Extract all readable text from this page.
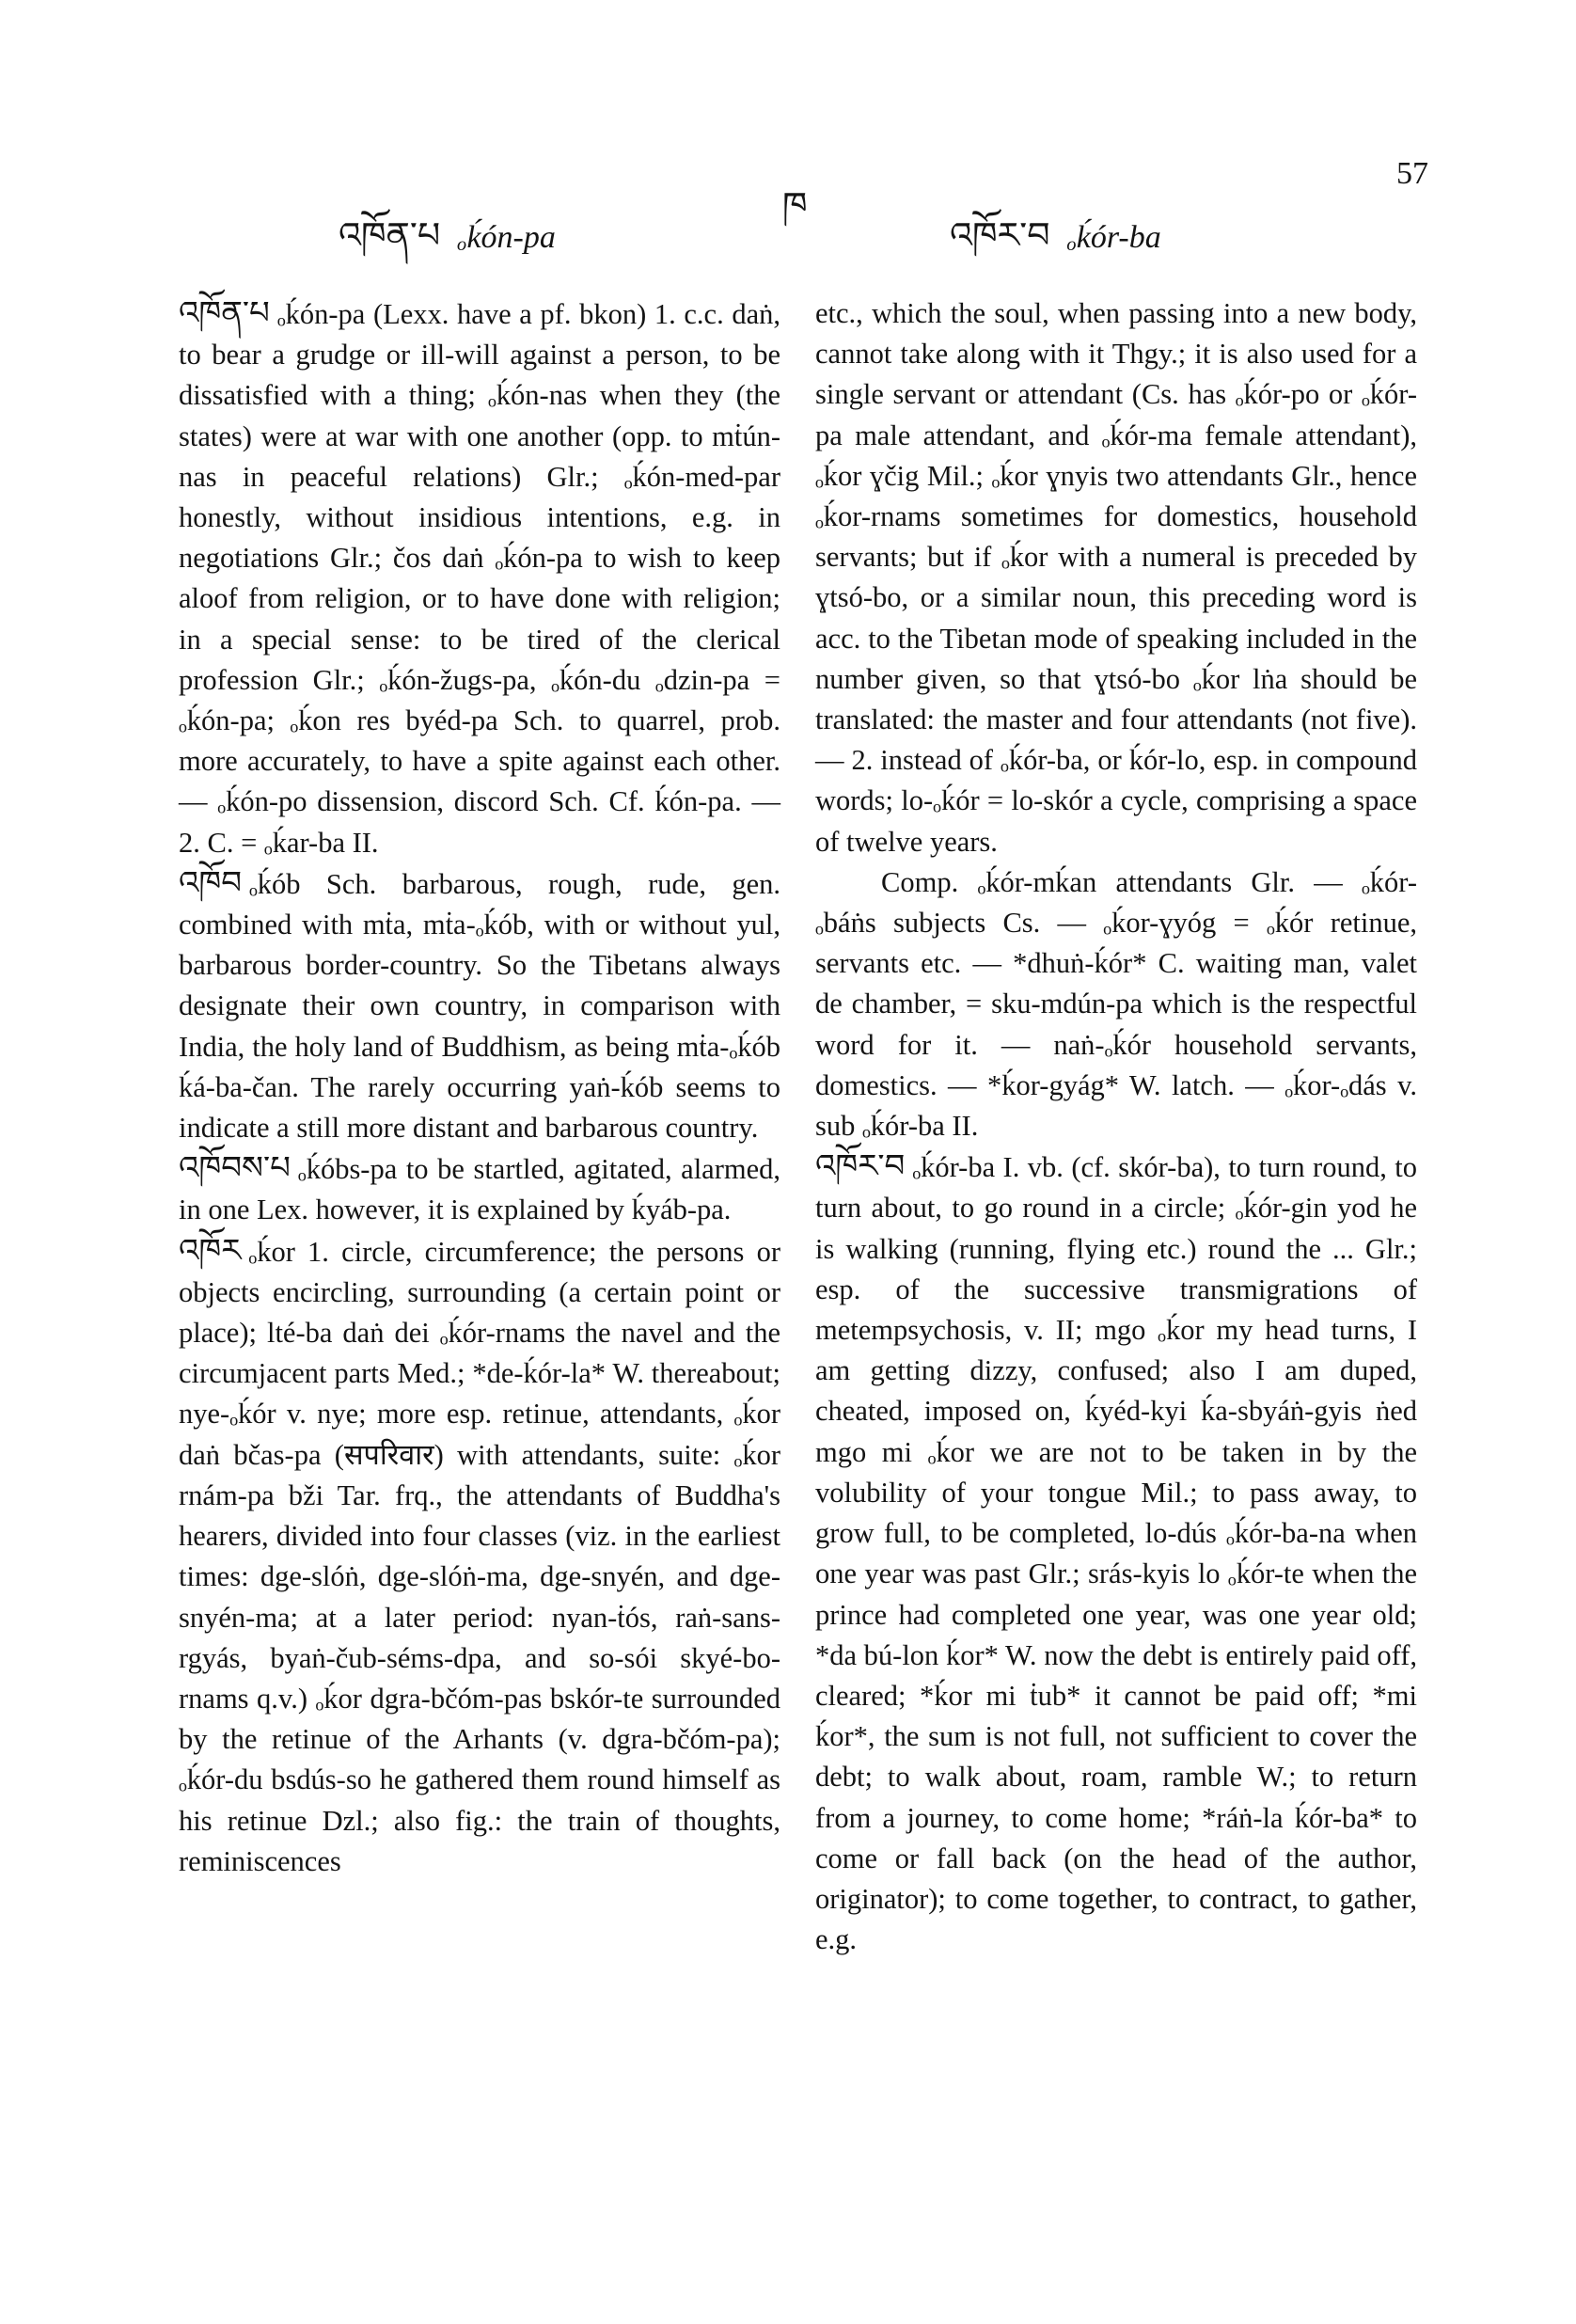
འཁོན་པ ₒḱón-pa
ཁ
འཁོར་བ ₒḱór-ba
57

འཁོན་པ ₒḱón-pa (Lexx. have a pf. bkon) 1. c.c. daṅ, to bear a grudge or ill-will against a person, to be dissatisfied with a thing; ₒḱón-nas when they (the states) were at war with one another (opp. to mṫún-nas in peaceful relations) Glr.; ₒḱón-med-par honestly, without insidious intentions, e.g. in negotiations Glr.; čos daṅ ₒḱón-pa to wish to keep aloof from religion, or to have done with religion; in a special sense: to be tired of the clerical profession Glr.; ₒḱón-žugs-pa, ₒḱón-du ₒdzin-pa = ₒḱón-pa; ₒḱon res byéd-pa Sch. to quarrel, prob. more accurately, to have a spite against each other. — ₒḱón-po dissension, discord Sch. Cf. ḱón-pa. — 2. C. = ₒḱar-ba II.

འཁོབ ₒḱób Sch. barbarous, rough, rude, gen. combined with mṫa, mṫa-ₒḱób, with or without yul, barbarous border-country. So the Tibetans always designate their own country, in comparison with India, the holy land of Buddhism, as being mṫa-ₒḱób ḱá-ba-čan. The rarely occurring yaṅ-ḱób seems to indicate a still more distant and barbarous country.

འཁོབས་པ ₒḱóbs-pa to be startled, agitated, alarmed, in one Lex. however, it is explained by ḱyáb-pa.

འཁོར ₒḱor 1. circle, circumference; the persons or objects encircling, surrounding (a certain point or place); lté-ba daṅ dei ₒḱór-rnams the navel and the circumjacent parts Med.; *de-ḱór-la* W. thereabout; nye-ₒḱór v. nye; more esp. retinue, attendants, ₒḱor daṅ bčas-pa (सपरिवार) with attendants, suite: ₒḱor rnám-pa bži Tar. frq., the attendants of Buddha's hearers, divided into four classes (viz. in the earliest times: dge-slóṅ, dge-slóṅ-ma, dge-snyén, and dge-snyén-ma; at a later period: nyan-ṫós, raṅ-sans-rgyás, byaṅ-čub-séms-dpa, and so-sói skyé-bo-rnams q.v.) ₒḱor dgra-bčóm-pas bskór-te surrounded by the retinue of the Arhants (v. dgra-bčóm-pa); ₒḱór-du bsdús-so he gathered them round himself as his retinue Dzl.; also fig.: the train of thoughts, reminiscences

etc., which the soul, when passing into a new body, cannot take along with it Thgy.; it is also used for a single servant or attendant (Cs. has ₒḱór-po or ₒḱór-pa male attendant, and ₒḱór-ma female attendant), ₒḱor ɣčig Mil.; ₒḱor ɣnyis two attendants Glr., hence ₒḱor-rnams sometimes for domestics, household servants; but if ₒḱor with a numeral is preceded by ɣtsó-bo, or a similar noun, this preceding word is acc. to the Tibetan mode of speaking included in the number given, so that ɣtsó-bo ₒḱor lṅa should be translated: the master and four attendants (not five). — 2. instead of ₒḱór-ba, or ḱór-lo, esp. in compound words; lo-ₒḱór = lo-skór a cycle, comprising a space of twelve years.

Comp. ₒḱór-mḱan attendants Glr. — ₒḱór-ₒbáṅs subjects Cs. — ₒḱor-ɣyóg = ₒḱór retinue, servants etc. — *dhuṅ-ḱór* C. waiting man, valet de chamber, = sku-mdún-pa which is the respectful word for it. — naṅ-ₒḱór household servants, domestics. — *ḱor-gyág* W. latch. — ₒḱor-ₒdás v. sub ₒḱór-ba II.

འཁོར་བ ₒḱór-ba I. vb. (cf. skór-ba), to turn round, to turn about, to go round in a circle; ₒḱór-gin yod he is walking (running, flying etc.) round the ... Glr.; esp. of the successive transmigrations of metempsychosis, v. II; mgo ₒḱor my head turns, I am getting dizzy, confused; also I am duped, cheated, imposed on, ḱyéd-kyi ḱa-sbyáṅ-gyis ṅed mgo mi ₒḱor we are not to be taken in by the volubility of your tongue Mil.; to pass away, to grow full, to be completed, lo-dús ₒḱór-ba-na when one year was past Glr.; srás-kyis lo ₒḱór-te when the prince had completed one year, was one year old; *da bú-lon ḱor* W. now the debt is entirely paid off, cleared; *ḱor mi ṫub* it cannot be paid off; *mi ḱor*, the sum is not full, not sufficient to cover the debt; to walk about, roam, ramble W.; to return from a journey, to come home; *ráṅ-la ḱór-ba* to come or fall back (on the head of the author, originator); to come together, to contract, to gather, e.g.
